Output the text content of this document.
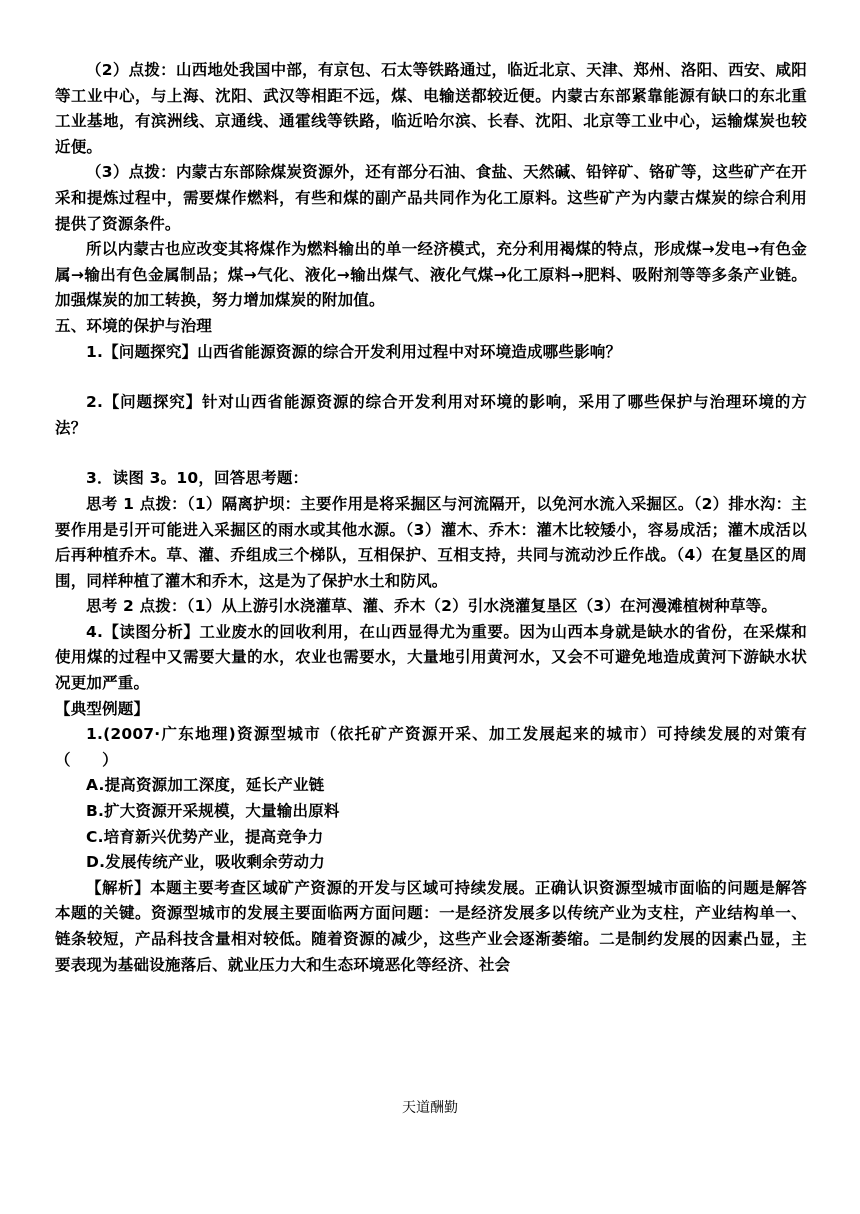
（2）点拨：山西地处我国中部，有京包、石太等铁路通过，临近北京、天津、郑州、洛阳、西安、咸阳等工业中心，与上海、沈阳、武汉等相距不远，煤、电输送都较近便。内蒙古东部紧靠能源有缺口的东北重工业基地，有滨洲线、京通线、通霍线等铁路，临近哈尔滨、长春、沈阳、北京等工业中心，运输煤炭也较近便。

（3）点拨：内蒙古东部除煤炭资源外，还有部分石油、食盐、天然碱、铅锌矿、铬矿等，这些矿产在开采和提炼过程中，需要煤作燃料，有些和煤的副产品共同作为化工原料。这些矿产为内蒙古煤炭的综合利用提供了资源条件。

所以内蒙古也应改变其将煤作为燃料输出的单一经济模式，充分利用褐煤的特点，形成煤→发电→有色金属→输出有色金属制品；煤→气化、液化→输出煤气、液化气煤→化工原料→肥料、吸附剂等等多条产业链。加强煤炭的加工转换，努力增加煤炭的附加值。

五、环境的保护与治理

1.【问题探究】山西省能源资源的综合开发利用过程中对环境造成哪些影响？

2.【问题探究】针对山西省能源资源的综合开发利用对环境的影响，采用了哪些保护与治理环境的方法？

3．读图 3。10，回答思考题：

思考 1 点拨：（1）隔离护坝：主要作用是将采掘区与河流隔开，以免河水流入采掘区。（2）排水沟：主要作用是引开可能进入采掘区的雨水或其他水源。（3）灌木、乔木：灌木比较矮小，容易成活；灌木成活以后再种植乔木。草、灌、乔组成三个梯队，互相保护、互相支持，共同与流动沙丘作战。（4）在复垦区的周围，同样种植了灌木和乔木，这是为了保护水土和防风。

思考 2 点拨：（1）从上游引水浇灌草、灌、乔木（2）引水浇灌复垦区（3）在河漫滩植树种草等。

4.【读图分析】工业废水的回收利用，在山西显得尤为重要。因为山西本身就是缺水的省份，在采煤和使用煤的过程中又需要大量的水，农业也需要水，大量地引用黄河水，又会不可避免地造成黄河下游缺水状况更加严重。

【典型例题】

1.(2007·广东地理)资源型城市（依托矿产资源开采、加工发展起来的城市）可持续发展的对策有（　　）

A.提高资源加工深度，延长产业链

B.扩大资源开采规模，大量输出原料

C.培育新兴优势产业，提高竞争力

D.发展传统产业，吸收剩余劳动力

【解析】本题主要考查区域矿产资源的开发与区域可持续发展。正确认识资源型城市面临的问题是解答本题的关键。资源型城市的发展主要面临两方面问题：一是经济发展多以传统产业为支柱，产业结构单一、链条较短，产品科技含量相对较低。随着资源的减少，这些产业会逐渐萎缩。二是制约发展的因素凸显，主要表现为基础设施落后、就业压力大和生态环境恶化等经济、社会

天道酬勤
